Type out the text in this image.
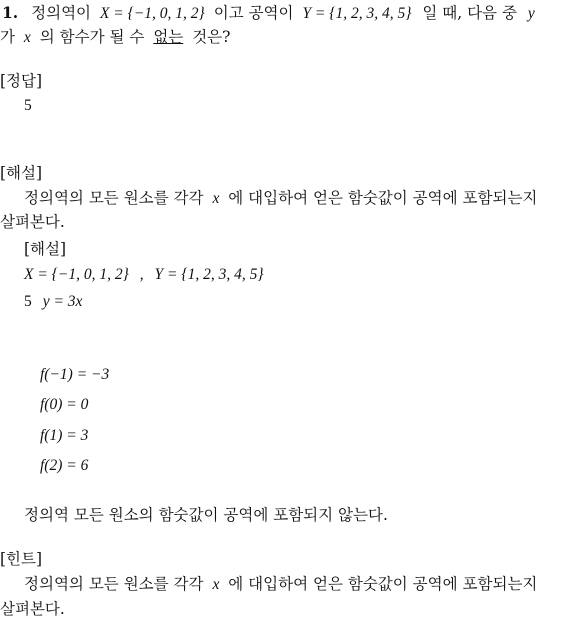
1. 정의역이 X = {−1, 0, 1, 2} 이고 공역이 Y = {1, 2, 3, 4, 5} 일 때, 다음 중 y
가 x 의 함수가 될 수 없는 것은?
[정답]
5
[해설]
정의역의 모든 원소를 각각 x 에 대입하여 얻은 함숫값이 공역에 포함되는지
살펴본다.
[해설]
X = {−1, 0, 1, 2} , Y = {1, 2, 3, 4, 5}
5 y = 3x
f(−1) = −3
f(0) = 0
f(1) = 3
f(2) = 6
정의역 모든 원소의 함숫값이 공역에 포함되지 않는다.
[힌트]
정의역의 모든 원소를 각각 x 에 대입하여 얻은 함숫값이 공역에 포함되는지
살펴본다.
